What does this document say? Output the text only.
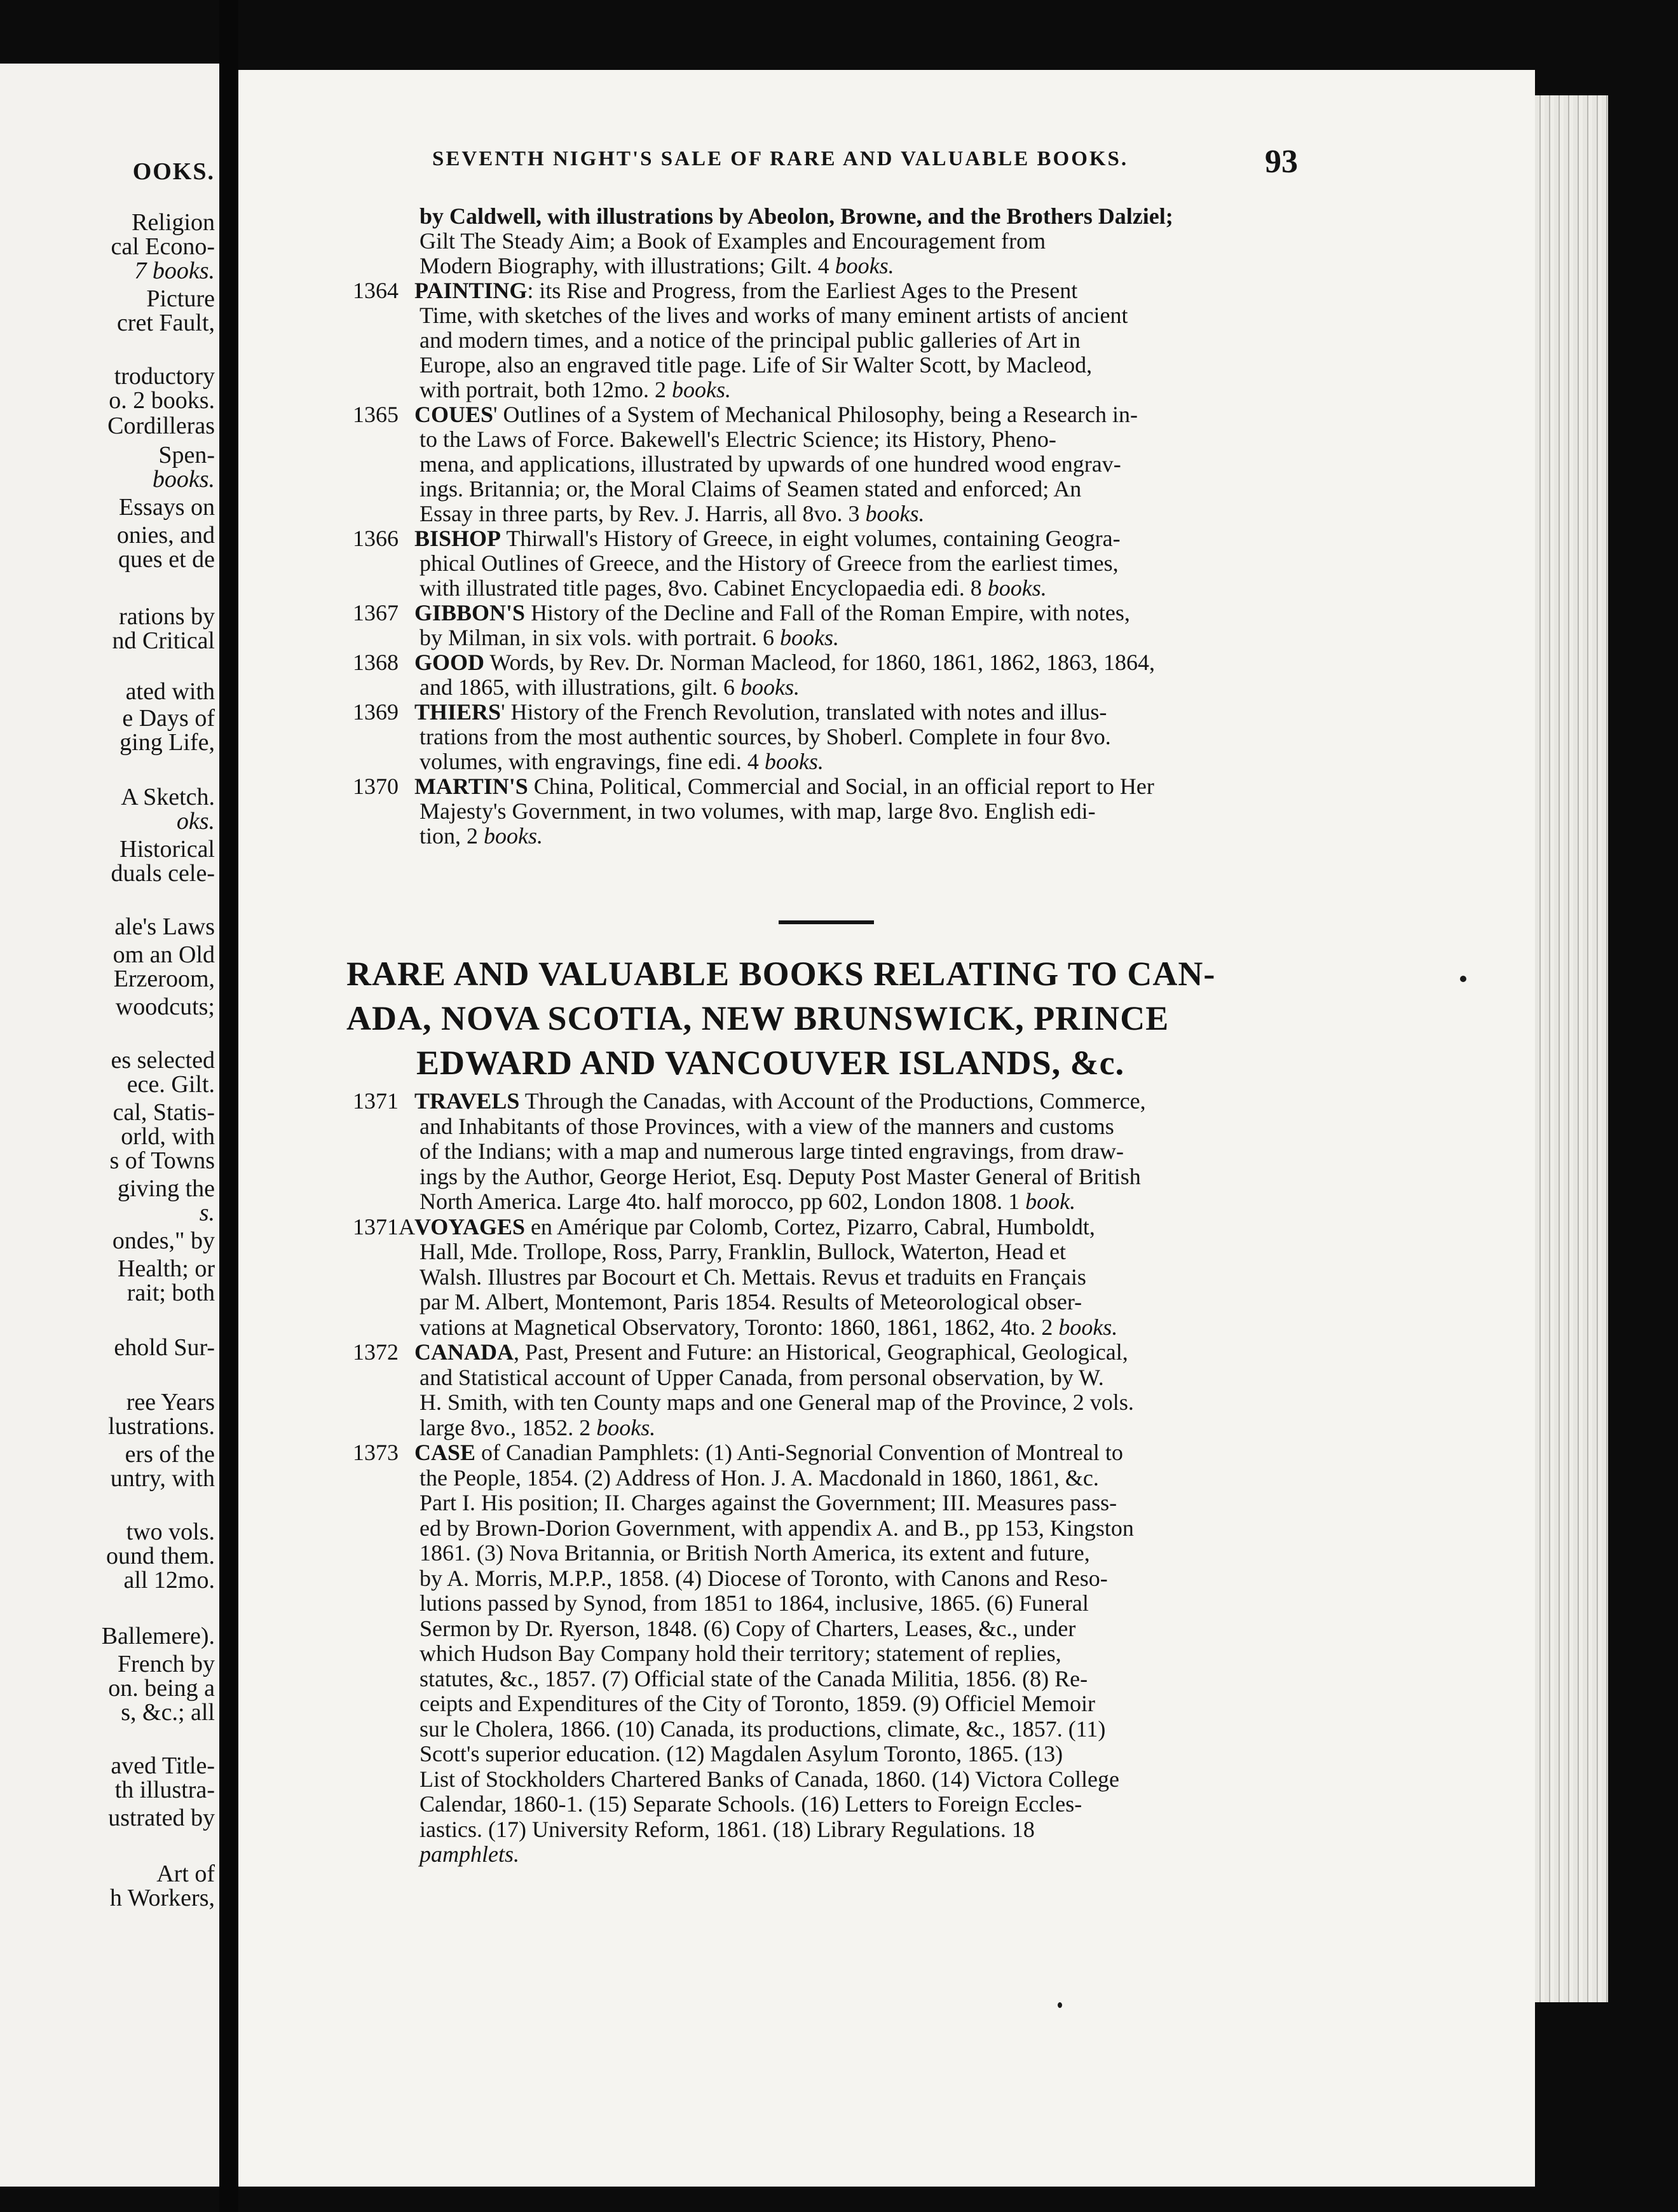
OOKS.
Religion
cal Econo-
7 books.
Picture
cret Fault,
troductory
o. 2 books.
Cordilleras
Spen-
books.
Essays on
onies, and
ques et de
rations by
nd Critical
ated with
e Days of
ging Life,
A Sketch.
oks.
Historical
duals cele-
ale's Laws
om an Old
Erzeroom,
woodcuts;
es selected
ece. Gilt.
cal, Statis-
orld, with
s of Towns
giving the
s.
ondes," by
Health; or
rait; both
ehold Sur-
ree Years
lustrations.
ers of the
untry, with
two vols.
ound them.
all 12mo.
Ballemere).
French by
on. being a
s, &c.; all
aved Title-
th illustra-
ustrated by
Art of
h Workers,
SEVENTH NIGHT'S SALE OF RARE AND VALUABLE BOOKS.	93
by Caldwell, with illustrations by Abeolon, Browne, and the Brothers Dalziel;
Gilt The Steady Aim; a Book of Examples and Encouragement from
Modern Biography, with illustrations; Gilt. 4 books.
1364 PAINTING: its Rise and Progress, from the Earliest Ages to the Present
Time, with sketches of the lives and works of many eminent artists of ancient
and modern times, and a notice of the principal public galleries of Art in
Europe, also an engraved title page. Life of Sir Walter Scott, by Macleod,
with portrait, both 12mo. 2 books.
1365 COUES' Outlines of a System of Mechanical Philosophy, being a Research in-
to the Laws of Force. Bakewell's Electric Science; its History, Pheno-
mena, and applications, illustrated by upwards of one hundred wood engrav-
ings. Britannia; or, the Moral Claims of Seamen stated and enforced; An
Essay in three parts, by Rev. J. Harris, all 8vo. 3 books.
1366 BISHOP Thirwall's History of Greece, in eight volumes, containing Geogra-
phical Outlines of Greece, and the History of Greece from the earliest times,
with illustrated title pages, 8vo. Cabinet Encyclopaedia edi. 8 books.
1367 GIBBON'S History of the Decline and Fall of the Roman Empire, with notes,
by Milman, in six vols. with portrait. 6 books.
1368 GOOD Words, by Rev. Dr. Norman Macleod, for 1860, 1861, 1862, 1863, 1864,
and 1865, with illustrations, gilt. 6 books.
1369 THIERS' History of the French Revolution, translated with notes and illus-
trations from the most authentic sources, by Shoberl. Complete in four 8vo.
volumes, with engravings, fine edi. 4 books.
1370 MARTIN'S China, Political, Commercial and Social, in an official report to Her
Majesty's Government, in two volumes, with map, large 8vo. English edi-
tion, 2 books.
RARE AND VALUABLE BOOKS RELATING TO CAN-
ADA, NOVA SCOTIA, NEW BRUNSWICK, PRINCE
EDWARD AND VANCOUVER ISLANDS, &c.
1371 TRAVELS Through the Canadas, with Account of the Productions, Commerce,
and Inhabitants of those Provinces, with a view of the manners and customs
of the Indians; with a map and numerous large tinted engravings, from draw-
ings by the Author, George Heriot, Esq. Deputy Post Master General of British
North America. Large 4to. half morocco, pp 602, London 1808. 1 book.
1371A VOYAGES en Amérique par Colomb, Cortez, Pizarro, Cabral, Humboldt,
Hall, Mde. Trollope, Ross, Parry, Franklin, Bullock, Waterton, Head et
Walsh. Illustres par Bocourt et Ch. Mettais. Revus et traduits en Français
par M. Albert, Montemont, Paris 1854. Results of Meteorological obser-
vations at Magnetical Observatory, Toronto: 1860, 1861, 1862, 4to. 2 books.
1372 CANADA, Past, Present and Future: an Historical, Geographical, Geological,
and Statistical account of Upper Canada, from personal observation, by W.
H. Smith, with ten County maps and one General map of the Province, 2 vols.
large 8vo., 1852. 2 books.
1373 CASE of Canadian Pamphlets: (1) Anti-Segnorial Convention of Montreal to
the People, 1854. (2) Address of Hon. J. A. Macdonald in 1860, 1861, &c.
Part I. His position; II. Charges against the Government; III. Measures pass-
ed by Brown-Dorion Government, with appendix A. and B., pp 153, Kingston
1861. (3) Nova Britannia, or British North America, its extent and future,
by A. Morris, M.P.P., 1858. (4) Diocese of Toronto, with Canons and Reso-
lutions passed by Synod, from 1851 to 1864, inclusive, 1865. (6) Funeral
Sermon by Dr. Ryerson, 1848. (6) Copy of Charters, Leases, &c., under
which Hudson Bay Company hold their territory; statement of replies,
statutes, &c., 1857. (7) Official state of the Canada Militia, 1856. (8) Re-
ceipts and Expenditures of the City of Toronto, 1859. (9) Officiel Memoir
sur le Cholera, 1866. (10) Canada, its productions, climate, &c., 1857. (11)
Scott's superior education. (12) Magdalen Asylum Toronto, 1865. (13)
List of Stockholders Chartered Banks of Canada, 1860. (14) Victora College
Calendar, 1860-1. (15) Separate Schools. (16) Letters to Foreign Eccles-
iastics. (17) University Reform, 1861. (18) Library Regulations. 18
pamphlets.
